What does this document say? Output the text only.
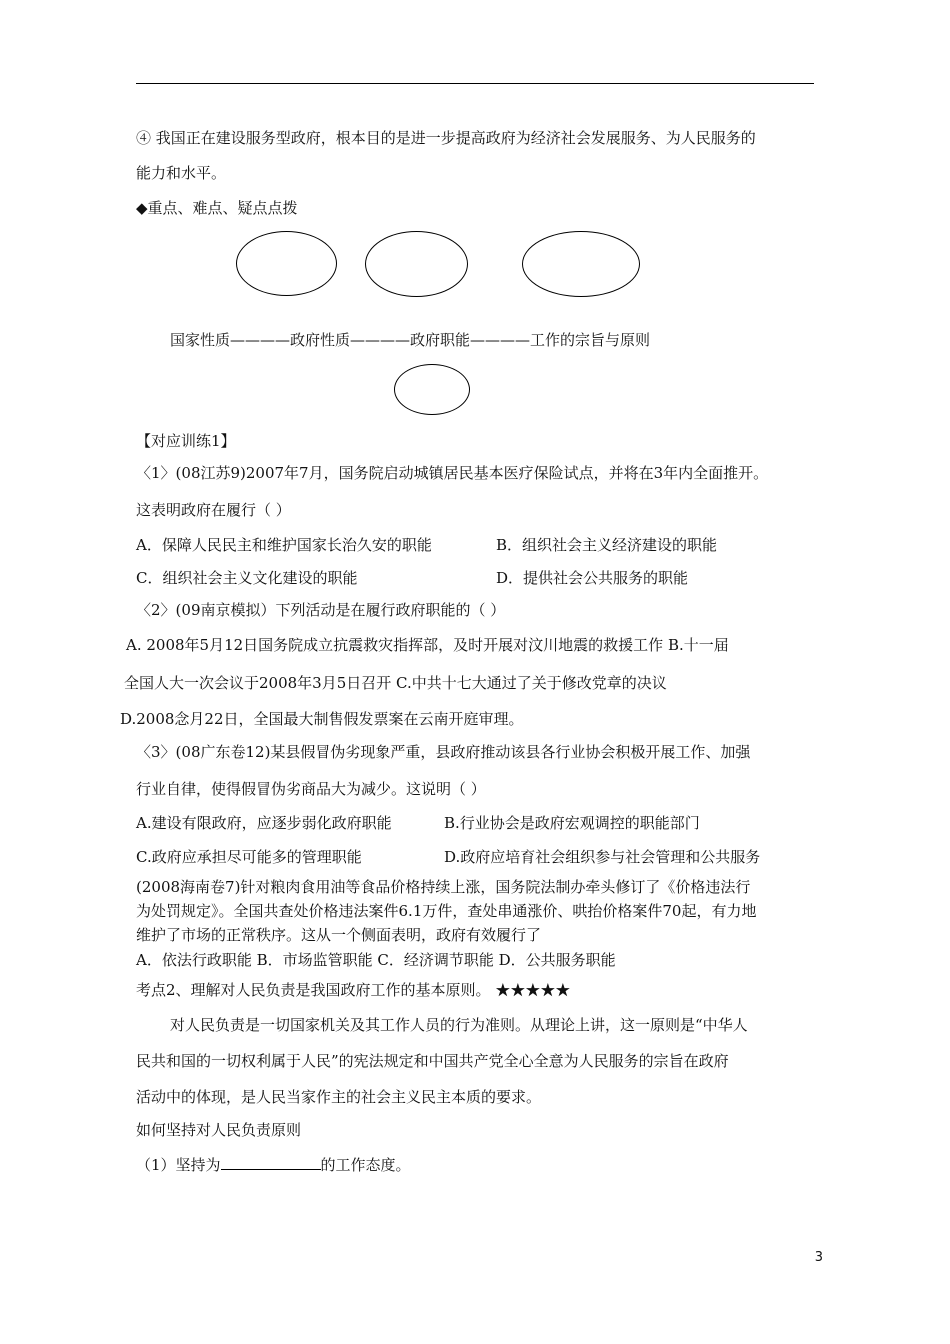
④ 我国正在建设服务型政府，根本目的是进一步提高政府为经济社会发展服务、为人民服务的
能力和水平。
◆重点、难点、疑点点拨
国家性质————政府性质————政府职能————工作的宗旨与原则
【对应训练1】
〈1〉(08江苏9)2007年7月，国务院启动城镇居民基本医疗保险试点，并将在3年内全面推开。
这表明政府在履行（ ）
A．保障人民民主和维护国家长治久安的职能	B．组织社会主义经济建设的职能
C．组织社会主义文化建设的职能	D．提供社会公共服务的职能
〈2〉(09南京模拟）下列活动是在履行政府职能的（ ）
A. 2008年5月12日国务院成立抗震救灾指挥部，及时开展对汶川地震的救援工作 B.十一届
全国人大一次会议于2008年3月5日召开 C.中共十七大通过了关于修改党章的决议
D.2008念月22日，全国最大制售假发票案在云南开庭审理。
〈3〉(08广东卷12)某县假冒伪劣现象严重，县政府推动该县各行业协会积极开展工作、加强
行业自律，使得假冒伪劣商品大为减少。这说明（ ）
A.建设有限政府，应逐步弱化政府职能	B.行业协会是政府宏观调控的职能部门
C.政府应承担尽可能多的管理职能	D.政府应培育社会组织参与社会管理和公共服务
(2008海南卷7)针对粮肉食用油等食品价格持续上涨，国务院法制办牵头修订了《价格违法行
为处罚规定》。全国共查处价格违法案件6.1万件，查处串通涨价、哄抬价格案件70起，有力地
维护了市场的正常秩序。这从一个侧面表明，政府有效履行了
A．依法行政职能 B．市场监管职能 C．经济调节职能 D．公共服务职能
考点2、理解对人民负责是我国政府工作的基本原则。 ★★★★★
对人民负责是一切国家机关及其工作人员的行为准则。从理论上讲，这一原则是“中华人
民共和国的一切权利属于人民”的宪法规定和中国共产党全心全意为人民服务的宗旨在政府
活动中的体现，是人民当家作主的社会主义民主本质的要求。
如何坚持对人民负责原则
（1）坚持为	的工作态度。
3
